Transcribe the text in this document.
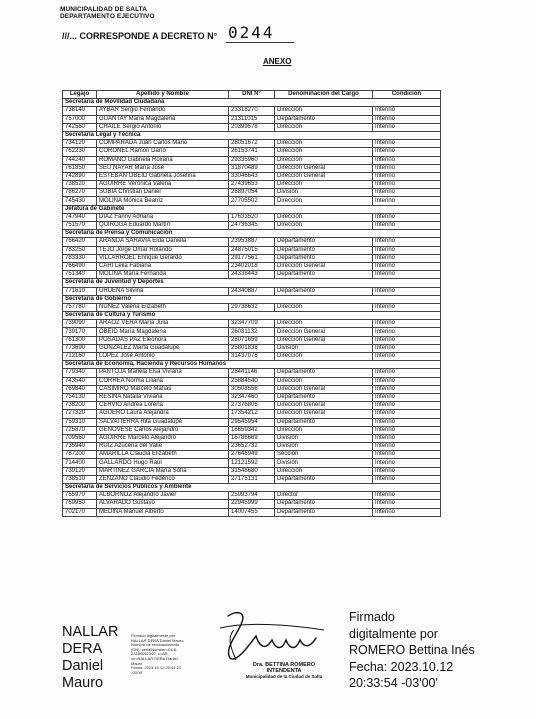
MUNICIPALIDAD DE SALTA
DEPARTAMENTO EJECUTIVO
///... CORRESPONDE A DECRETO N° 0244
ANEXO
Legajo	Apellido y Nombre	DNI N°	Denominación del Cargo	Condición
Secretaría de Movilidad Ciudadana				
738140	AYBAR Sergio Fernando	23318270	Dirección	Interino
757000	GUANTAY María Magdalena	21311015	Departamento	Interino
742560	CHAILE Sergio Antonio	20399578	Dirección	Interino
Secretaría Legal y Técnica				
734120	COMPARADA Juan Carlos Mario	28051672	Dirección	Interino
762230	CORONEL Ramón Darío	26153741	Dirección	Interino
744240	ROMANO Gabriela Roxana	29335960	Dirección	Interino
761850	SEU NAYAR María José	31870489	Dirección General	Interino
742890	ESTEBAN OBEID Gabriela Josefina	33046643	Dirección General	Interino
738520	AGUIRRE Verónica Valeria	27439653	Dirección	Interino
786270	SUBIA Christian Daniel	26897054	División	Interino
745430	MOLINA Mónica Beatriz	27705502	Dirección	Interino
Jefatura de Gabinete				
747940	DIAZ Fanny Adriana	17633520	Dirección	Interino
751570	QUIROGA Eduardo Martín	24736345	Dirección	Interino
Secretaría de Prensa y Comunicación				
766420	ARANDA SARAVIA Elda Daniela	23953887	Departamento	Interino
783250	TEJO Jorge Omar Rolando	24875015	Departamento	Interino
783330	VILLARROEL Enrique Gerardo	29177561	Departamento	Interino
766490	CARI Leila Fabiana	23402018	Dirección General	Interino
751340	MOLINA María Fernanda	24338443	Departamento	Interino
Secretaría de Juventud y Deportes				
771610	URUEÑA Silvina	24340887	Departamento	Interino
Secretaría de Gobierno				
757780	NUÑEZ Valeria Elizabeth	29738632	Dirección	Interino
Secretaría de Cultura y Turismo				
739090	ARAOZ VERA María Julia	32347709	Dirección	Interino
739170	OBEID María Magdalena	26031132	Dirección General	Interino
761300	POSADAS PAZ Eleonora	28071659	Dirección General	Interino
773690	GONZALEZ Marta Guadalupe	25801838	División	Interino
712160	LOPEZ José Antonio	31437078	Dirección	Interino
Secretaría de Economía, Hacienda y Recursos Humanos				
779340	PANTOJA Mariela Elsa Viviana	28441146	Departamento	Interino
743540	CORREA Norma Liliana	25884540	Dirección	Interino
769840	CASIMIRO Marcelo Matías	30508556	Dirección General	Interino
754130	RESINA Natalia Viviana	32347460	Departamento	Interino
738200	CERVIO Andrea Lorena	27376805	Dirección General	Interino
727320	AGÜERO Laura Alejandra	17354212	Dirección General	Interino
759310	SALVATIERRA Rita Guadalupe	29545954	Departamento	Interino
725870	GENOVESE Carlos Alejandro	16659342	Dirección	Interino
709560	AGUIRRE Marcelo Alejandro	16786669	División	Interino
735940	RUIZ Azucena del Valle	23652732	División	Interino
787200	AMARILLA Claudia Elizabeth	27646949	Sección	Interino
714400	GALLARDO Hugo Raúl	12121592	División	Interino
739120	MARTINEZ GARCIA María Sofía	31548680	Dirección	Interino
738510	ZENZANO Claudio Federico	27175131	Departamento	Interino
Secretaría de Servicios Públicos y Ambiente				
755970	ALBORNOZ Alejandro Javier	25993794	Director	Interino
769950	ALVARADO Gustavo	22945999	Departamento	Interino
702170	MEDINA Manuel Alberto	14007455	Departamento	Interino
NALLAR
DERA
Daniel
Mauro
Firmado digitalmente por
NALLAR DERA Daniel Mauro
Nombre de reconocimiento
(DN): serialNumber=CUIL
23184052349, c=AR,
cn=NALLAR DERA Daniel
Mauro
Fecha: 2023.10.12 20:44:21
-03'00'
Dra. BETTINA ROMERO
INTENDENTA
Municipalidad de la Ciudad de Salta
Firmado
digitalmente por
ROMERO Bettina Inés
Fecha: 2023.10.12
20:33:54 -03'00'
